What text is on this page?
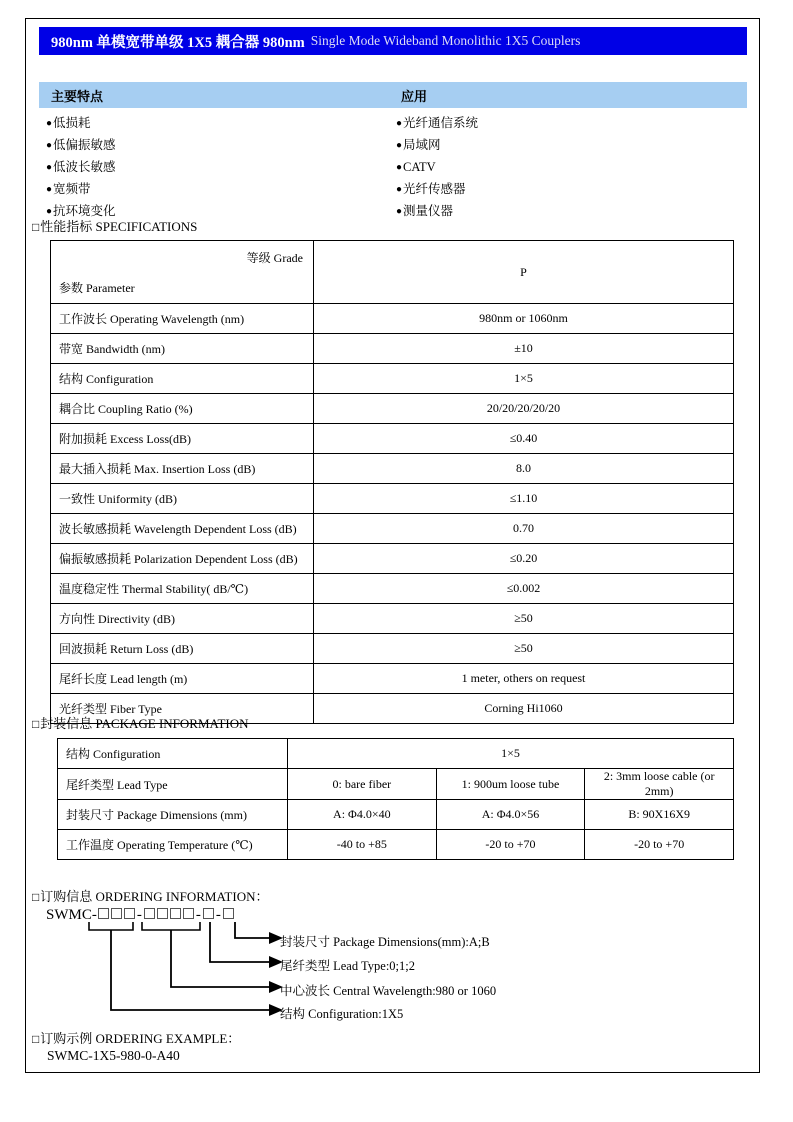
980nm 单模宽带单级 1X5 耦合器 980nm Single Mode Wideband Monolithic 1X5 Couplers
主要特点	应用
●低损耗
●低偏振敏感
●低波长敏感
●宽频带
●抗环境变化
●光纤通信系统
●局域网
●CATV
●光纤传感器
●测量仪器
□性能指标 SPECIFICATIONS
等级 Grade
参数 Parameter	P
工作波长 Operating Wavelength (nm)	980nm or 1060nm
带宽 Bandwidth (nm)	±10
结构 Configuration	1×5
耦合比 Coupling Ratio (%)	20/20/20/20/20
附加损耗 Excess Loss(dB)	≤0.40
最大插入损耗 Max. Insertion Loss (dB)	8.0
一致性 Uniformity (dB)	≤1.10
波长敏感损耗 Wavelength Dependent Loss (dB)	0.70
偏振敏感损耗 Polarization Dependent Loss (dB)	≤0.20
温度稳定性 Thermal Stability( dB/℃)	≤0.002
方向性 Directivity (dB)	≥50
回波损耗 Return Loss (dB)	≥50
尾纤长度 Lead length (m)	1 meter, others on request
光纤类型 Fiber Type	Corning Hi1060
□封装信息 PACKAGE INFORMATION
结构 Configuration	1×5		
尾纤类型 Lead Type	0: bare fiber	1: 900um loose tube	2: 3mm loose cable (or 2mm)
封装尺寸 Package Dimensions (mm)	A: Φ4.0×40	A: Φ4.0×56	B: 90X16X9
工作温度 Operating Temperature (℃)	-40 to +85	-20 to +70	-20 to +70
□订购信息 ORDERING INFORMATION：
SWMC-	-	- -
封装尺寸 Package Dimensions(mm):A;B
尾纤类型 Lead Type:0;1;2
中心波长 Central Wavelength:980 or 1060
结构 Configuration:1X5
□订购示例 ORDERING EXAMPLE：
SWMC-1X5-980-0-A40
